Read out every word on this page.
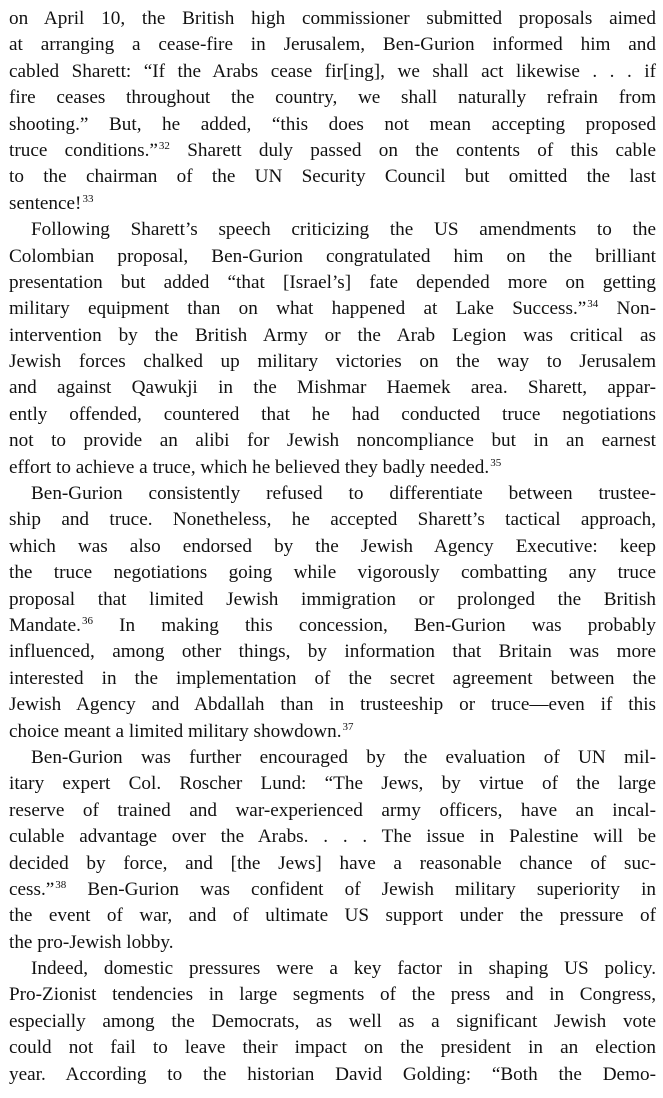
on April 10, the British high commissioner submitted proposals aimed
at arranging a cease-fire in Jerusalem, Ben-Gurion informed him and
cabled Sharett: “If the Arabs cease fir[ing], we shall act likewise . . . if
fire ceases throughout the country, we shall naturally refrain from
shooting.” But, he added, “this does not mean accepting proposed
truce conditions.”$^{32}$ Sharett duly passed on the contents of this cable
to the chairman of the UN Security Council but omitted the last
sentence!$^{33}$
Following Sharett’s speech criticizing the US amendments to the
Colombian proposal, Ben-Gurion congratulated him on the brilliant
presentation but added “that [Israel’s] fate depended more on getting
military equipment than on what happened at Lake Success.”$^{34}$ Non-
intervention by the British Army or the Arab Legion was critical as
Jewish forces chalked up military victories on the way to Jerusalem
and against Qawukji in the Mishmar Haemek area. Sharett, appar-
ently offended, countered that he had conducted truce negotiations
not to provide an alibi for Jewish noncompliance but in an earnest
effort to achieve a truce, which he believed they badly needed.$^{35}$
Ben-Gurion consistently refused to differentiate between trustee-
ship and truce. Nonetheless, he accepted Sharett’s tactical approach,
which was also endorsed by the Jewish Agency Executive: keep
the truce negotiations going while vigorously combatting any truce
proposal that limited Jewish immigration or prolonged the British
Mandate.$^{36}$ In making this concession, Ben-Gurion was probably
influenced, among other things, by information that Britain was more
interested in the implementation of the secret agreement between the
Jewish Agency and Abdallah than in trusteeship or truce—even if this
choice meant a limited military showdown.$^{37}$
Ben-Gurion was further encouraged by the evaluation of UN mil-
itary expert Col. Roscher Lund: “The Jews, by virtue of the large
reserve of trained and war-experienced army officers, have an incal-
culable advantage over the Arabs. . . . The issue in Palestine will be
decided by force, and [the Jews] have a reasonable chance of suc-
cess.”$^{38}$ Ben-Gurion was confident of Jewish military superiority in
the event of war, and of ultimate US support under the pressure of
the pro-Jewish lobby.
Indeed, domestic pressures were a key factor in shaping US policy.
Pro-Zionist tendencies in large segments of the press and in Congress,
especially among the Democrats, as well as a significant Jewish vote
could not fail to leave their impact on the president in an election
year. According to the historian David Golding: “Both the Demo-
